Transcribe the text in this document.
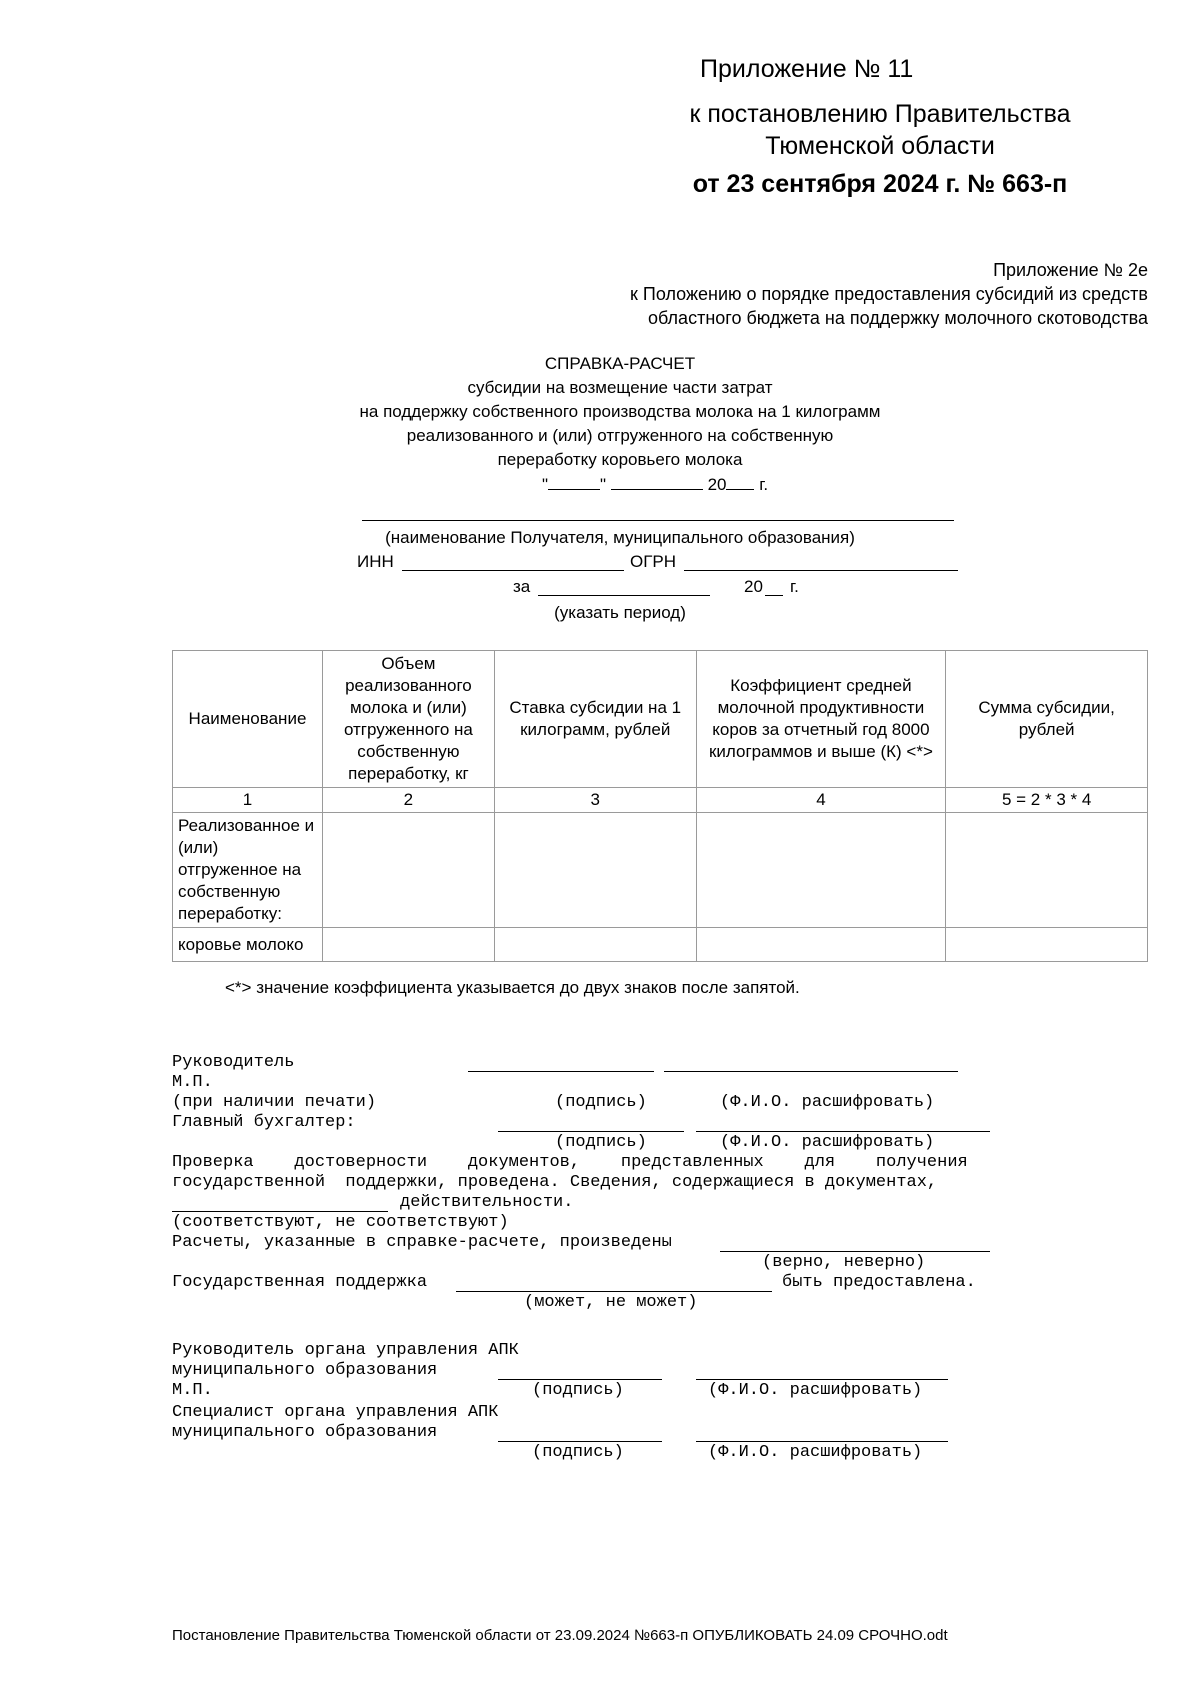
Приложение № 11
к постановлению Правительства
Тюменской области
от 23 сентября 2024 г. № 663-п
Приложение № 2е
к Положению о порядке предоставления субсидий из средств
областного бюджета на поддержку молочного скотоводства
СПРАВКА-РАСЧЕТ
субсидии на возмещение части затрат
на поддержку собственного производства молока на 1 килограмм
реализованного и (или) отгруженного на собственную
переработку коровьего молока
"	"	20 г.
(наименование Получателя, муниципального образования)
ИНН	ОГРН
за	20 г.
(указать период)
Наименование	Объем реализованного молока и (или) отгруженного на собственную переработку, кг	Ставка субсидии на 1 килограмм, рублей	Коэффициент средней молочной продуктивности коров за отчетный год 8000 килограммов и выше (К) <*>	Сумма субсидии, рублей
1	2	3	4	5 = 2 * 3 * 4
Реализованное и (или) отгруженное на собственную переработку:				
коровье молоко				
<*> значение коэффициента указывается до двух знаков после запятой.
Руководитель
М.П.
(при наличии печати)	(подпись)	(Ф.И.О. расшифровать)
Главный бухгалтер:
(подпись)	(Ф.И.О. расшифровать)
Проверка    достоверности    документов,    представленных    для    получения
государственной  поддержки, проведена. Сведения, содержащиеся в документах,
действительности.
(соответствуют, не соответствуют)
Расчеты, указанные в справке-расчете, произведены
(верно, неверно)
Государственная поддержка	быть предоставлена.
(может, не может)
Руководитель органа управления АПК
муниципального образования
М.П.	(подпись)	(Ф.И.О. расшифровать)
Специалист органа управления АПК
муниципального образования
(подпись)	(Ф.И.О. расшифровать)
Постановление Правительства Тюменской области от 23.09.2024 №663-п ОПУБЛИКОВАТЬ 24.09 СРОЧНО.odt
